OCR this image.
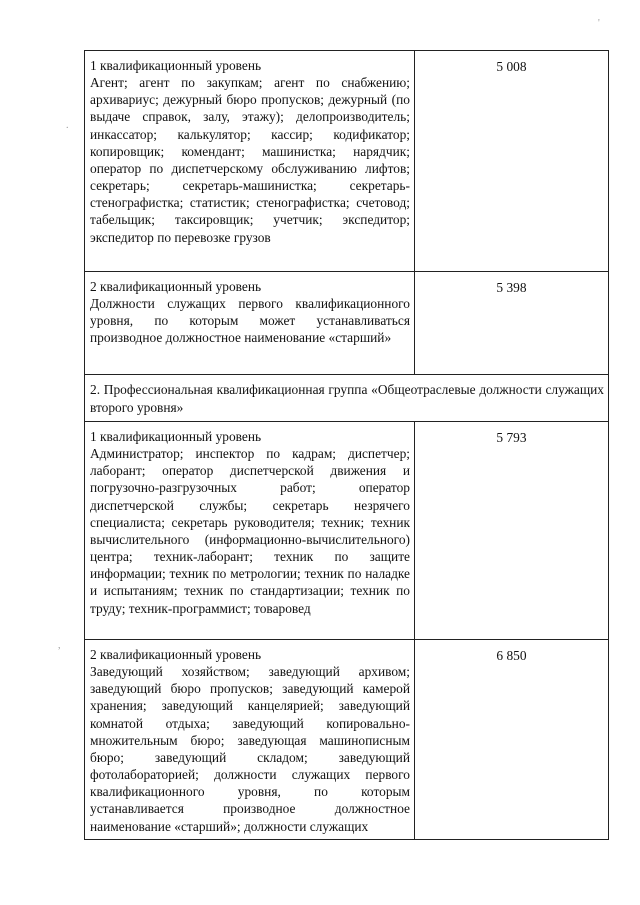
'
.
,
1 квалификационный уровень
Агент; агент по закупкам; агент по снабжению; архивариус; дежурный бюро пропусков; дежурный (по выдаче справок, залу, этажу); делопроизводитель; инкассатор; калькулятор; кассир; кодификатор; копировщик; комендант; машинистка; нарядчик; оператор по диспетчерскому обслуживанию лифтов; секретарь; секретарь-машинистка; секретарь-стенографистка; статистик; стенографистка; счетовод; табельщик; таксировщик; учетчик; экспедитор; экспедитор по перевозке грузов	5 008

2 квалификационный уровень
Должности служащих первого квалификационного уровня, по которым может устанавливаться производное должностное наименование «старший»	5 398

2. Профессиональная квалификационная группа «Общеотраслевые должности служащих второго уровня»	

1 квалификационный уровень
Администратор; инспектор по кадрам; диспетчер; лаборант; оператор диспетчерской движения и погрузочно-разгрузочных работ; оператор диспетчерской службы; секретарь незрячего специалиста; секретарь руководителя; техник; техник вычислительного (информационно-вычислительного) центра; техник-лаборант; техник по защите информации; техник по метрологии; техник по наладке и испытаниям; техник по стандартизации; техник по труду; техник-программист; товаровед	5 793

2 квалификационный уровень
Заведующий хозяйством; заведующий архивом; заведующий бюро пропусков; заведующий камерой хранения; заведующий канцелярией; заведующий комнатой отдыха; заведующий копировально-множительным бюро; заведующая машинописным бюро; заведующий складом; заведующий фотолабораторией; должности служащих первого квалификационного уровня, по которым устанавливается производное должностное наименование «старший»; должности служащих	6 850
